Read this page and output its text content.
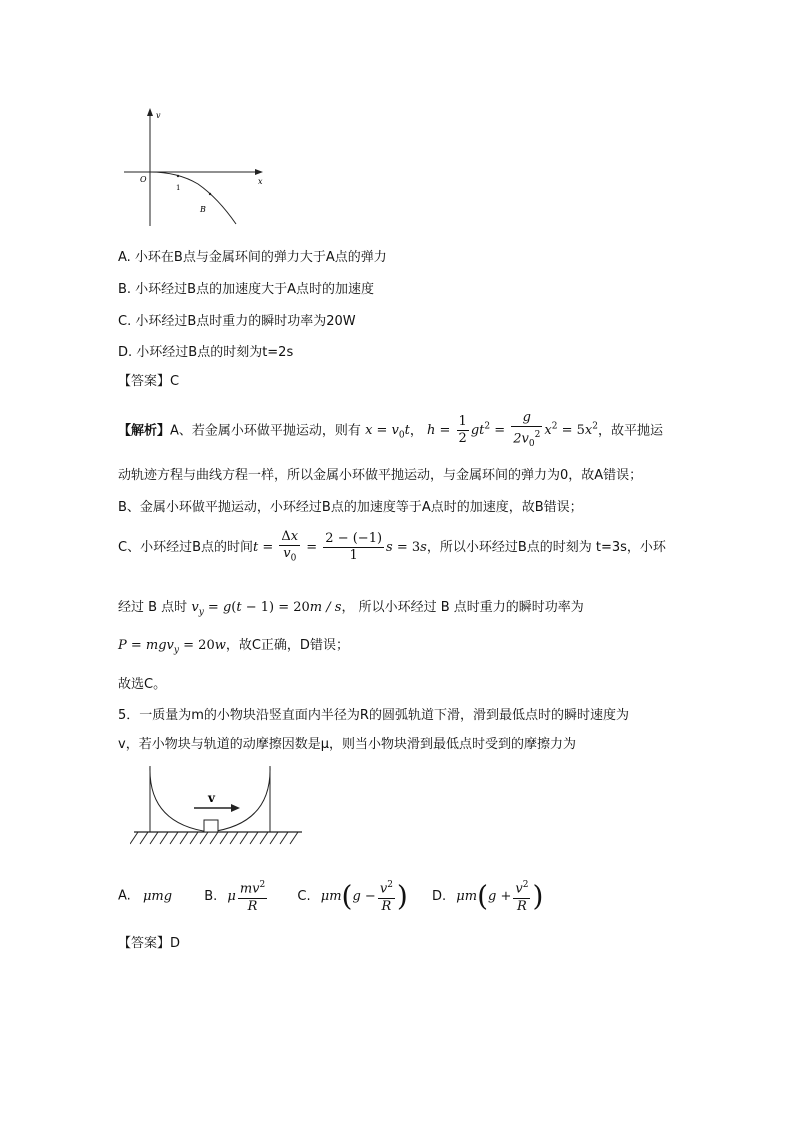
v
x
O
1
B
A. 小环在B点与金属环间的弹力大于A点的弹力
B. 小环经过B点的加速度大于A点时的加速度
C. 小环经过B点时重力的瞬时功率为20W
D. 小环经过B点的时刻为t=2s
【答案】C
【解析】A、若金属小环做平抛运动，则有 $x = v_0t$， $h = \frac{1}{2} gt^2 = \frac{g}{2v_0^2} x^2 = 5x^2$，故平抛运
动轨迹方程与曲线方程一样，所以金属小环做平抛运动，与金属环间的弹力为0，故A错误；
B、金属小环做平抛运动，小环经过B点的加速度等于A点时的加速度，故B错误；
C、小环经过B点的时间$t = \frac{\Delta x}{v_0} = \frac{2 - (-1)}{1}$ s = 3s，所以小环经过B点的时刻为 t=3s，小环
经过 B 点时 $v_y = g(t - 1) = 20m / s$， 所以小环经过 B 点时重力的瞬时功率为
P = mgv$_y$ = 20w，故C正确，D错误；
故选C。
5．一质量为m的小物块沿竖直面内半径为R的圆弧轨道下滑，滑到最低点时的瞬时速度为
v，若小物块与轨道的动摩擦因数是μ，则当小物块滑到最低点时受到的摩擦力为
v
A. μmg B. μ $\frac{mv^2}{R} C$. $\mu m(g - \frac{v^2}{R}$ ) D. $\mu m(g + \frac{v^2}{R}$ )
【答案】D
